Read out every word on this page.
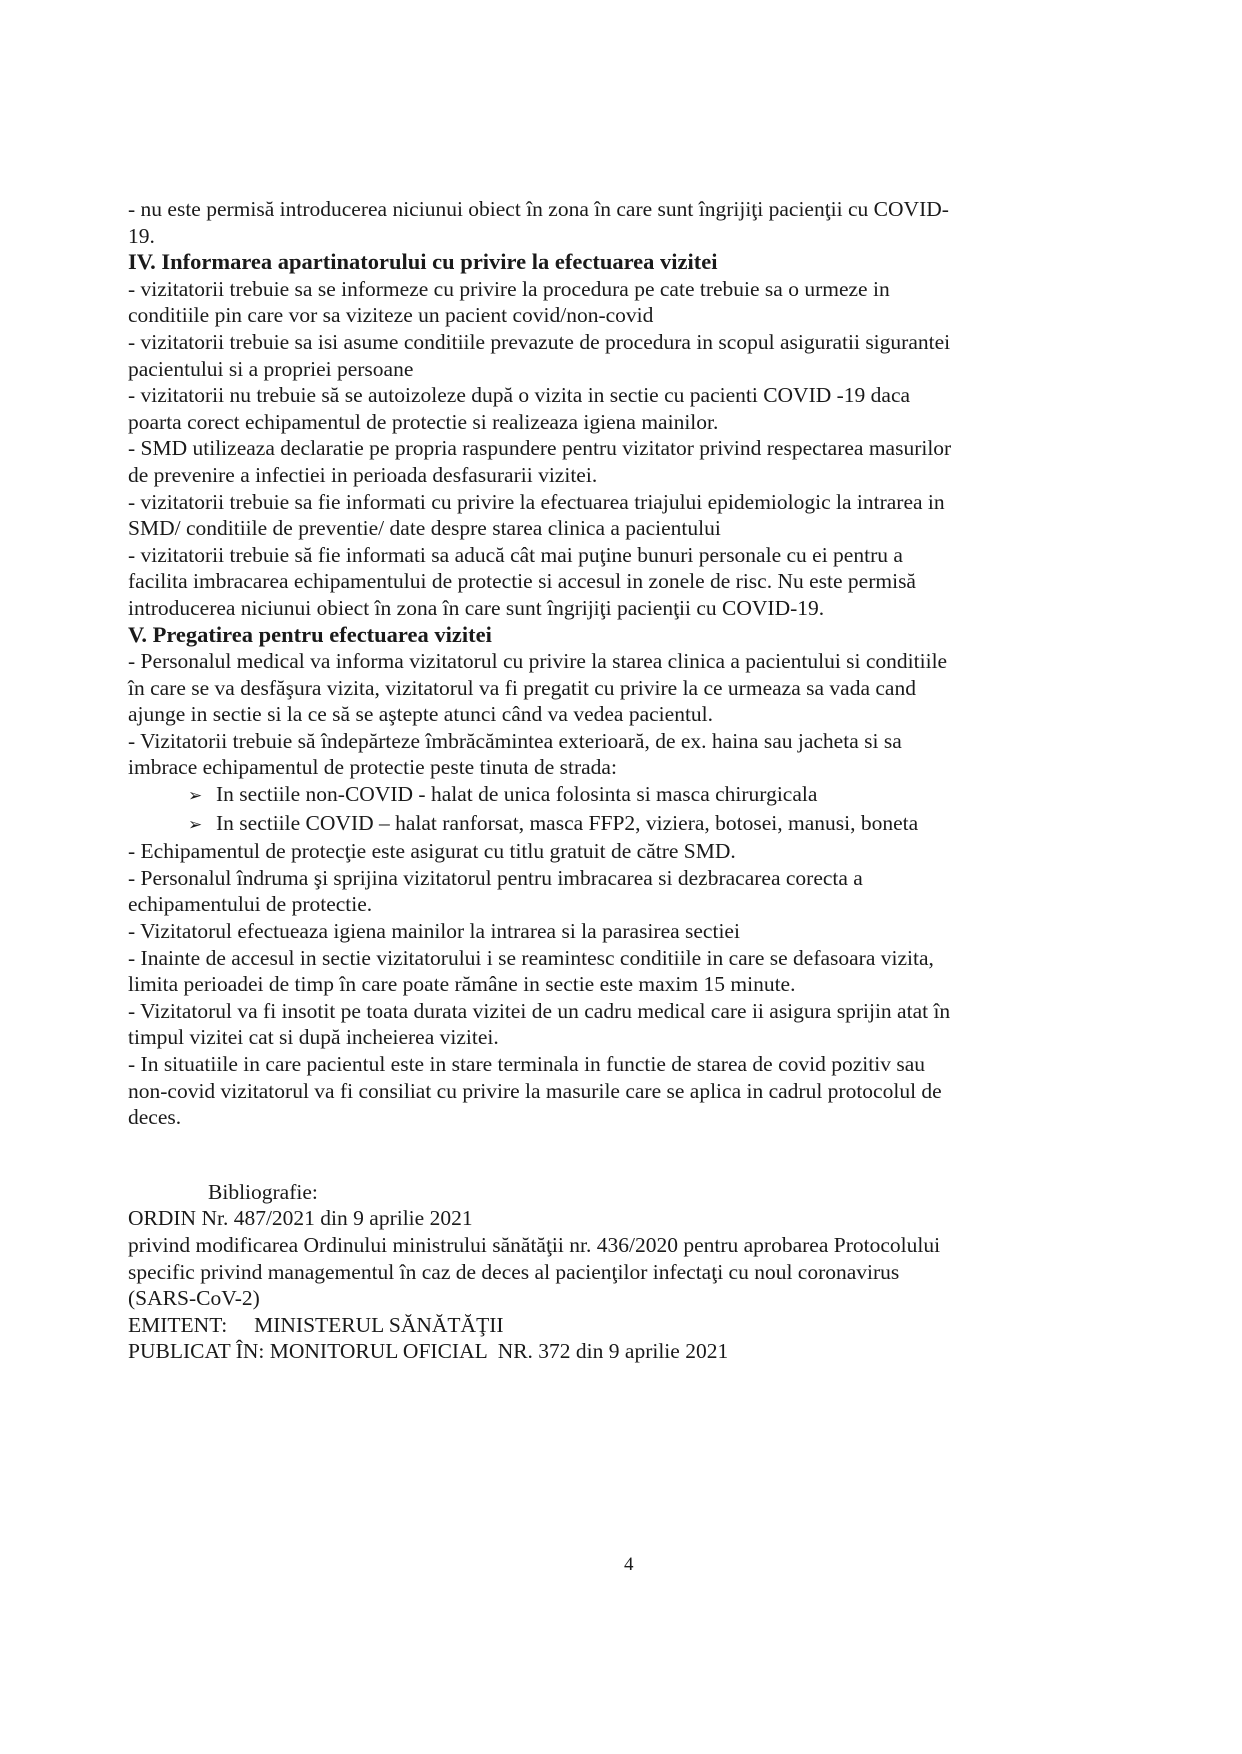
- nu este permisă introducerea niciunui obiect în zona în care sunt îngrijiţi pacienţii cu COVID-

19.

IV. Informarea apartinatorului cu privire la efectuarea vizitei

- vizitatorii trebuie sa se informeze cu privire la procedura pe cate trebuie sa o urmeze in

conditiile pin care vor sa viziteze un pacient covid/non-covid

- vizitatorii trebuie sa isi asume conditiile prevazute de procedura in scopul asiguratii sigurantei

pacientului si a propriei persoane

- vizitatorii nu trebuie să se autoizoleze după o vizita in sectie cu pacienti COVID -19 daca

poarta corect echipamentul de protectie si realizeaza igiena mainilor.

- SMD utilizeaza declaratie pe propria raspundere pentru vizitator privind respectarea masurilor

de prevenire a infectiei in perioada desfasurarii vizitei.

- vizitatorii trebuie sa fie informati cu privire la efectuarea triajului epidemiologic la intrarea in

SMD/ conditiile de preventie/ date despre starea clinica a pacientului

- vizitatorii trebuie să fie informati sa aducă cât mai puţine bunuri personale cu ei pentru a

facilita imbracarea echipamentului de protectie si accesul in zonele de risc. Nu este permisă

introducerea niciunui obiect în zona în care sunt îngrijiţi pacienţii cu COVID-19.

V. Pregatirea pentru efectuarea vizitei

- Personalul medical va informa vizitatorul cu privire la starea clinica a pacientului si conditiile

în care se va desfăşura vizita, vizitatorul va fi pregatit cu privire la ce urmeaza sa vada cand

ajunge in sectie si la ce să se aştepte atunci când va vedea pacientul.

- Vizitatorii trebuie să îndepărteze îmbrăcămintea exterioară, de ex. haina sau jacheta si sa

imbrace echipamentul de protectie peste tinuta de strada:

➢ In sectiile non-COVID - halat de unica folosinta si masca chirurgicala

➢ In sectiile COVID – halat ranforsat, masca FFP2, viziera, botosei, manusi, boneta

- Echipamentul de protecţie este asigurat cu titlu gratuit de către SMD.

- Personalul îndruma şi sprijina vizitatorul pentru imbracarea si dezbracarea corecta a

echipamentului de protectie.

- Vizitatorul efectueaza igiena mainilor la intrarea si la parasirea sectiei

- Inainte de accesul in sectie vizitatorului i se reamintesc conditiile in care se defasoara vizita,

limita perioadei de timp în care poate rămâne in sectie este maxim 15 minute.

- Vizitatorul va fi insotit pe toata durata vizitei de un cadru medical care ii asigura sprijin atat în

timpul vizitei cat si după incheierea vizitei.

- In situatiile in care pacientul este in stare terminala in functie de starea de covid pozitiv sau

non-covid vizitatorul va fi consiliat cu privire la masurile care se aplica in cadrul protocolul de

deces.

Bibliografie:

ORDIN Nr. 487/2021 din 9 aprilie 2021

privind modificarea Ordinului ministrului sănătăţii nr. 436/2020 pentru aprobarea Protocolului

specific privind managementul în caz de deces al pacienţilor infectaţi cu noul coronavirus

(SARS-CoV-2)

EMITENT:     MINISTERUL SĂNĂTĂŢII

PUBLICAT ÎN: MONITORUL OFICIAL  NR. 372 din 9 aprilie 2021

4
